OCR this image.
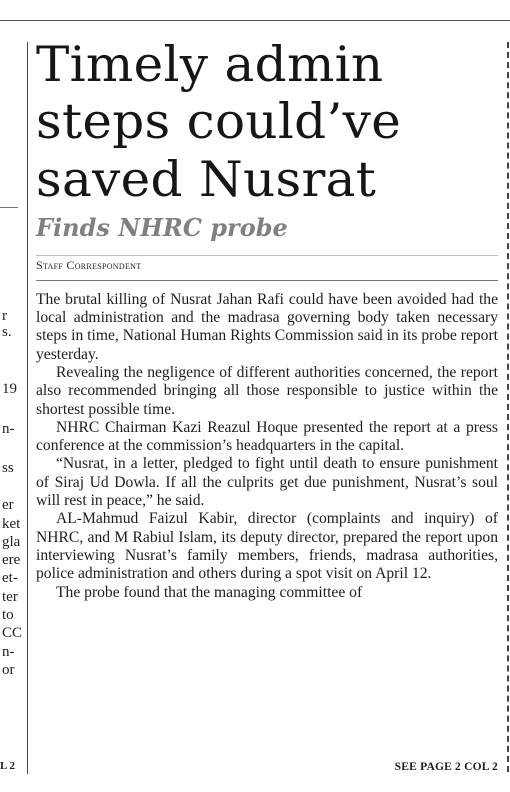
r
s.
19
n-
ss
er
ket
gla
ere
et-
ter
to
CC
n-
or
L 2
Timely admin
steps could’ve
saved Nusrat
Finds NHRC probe
Staff Correspondent

The brutal killing of Nusrat Jahan Rafi could have been avoided had the local administration and the madrasa governing body taken necessary steps in time, National Human Rights Commission said in its probe report yesterday.

Revealing the negligence of different authorities concerned, the report also recommended bringing all those responsible to justice within the shortest possible time.

NHRC Chairman Kazi Reazul Hoque presented the report at a press conference at the commission’s headquarters in the capital.

“Nusrat, in a letter, pledged to fight until death to ensure punishment of Siraj Ud Dowla. If all the culprits get due punishment, Nusrat’s soul will rest in peace,” he said.

AL-Mahmud Faizul Kabir, director (complaints and inquiry) of NHRC, and M Rabiul Islam, its deputy director, prepared the report upon interviewing Nusrat’s family members, friends, madrasa authorities, police administration and others during a spot visit on April 12.

The probe found that the managing committee of

SEE PAGE 2 COL 2
